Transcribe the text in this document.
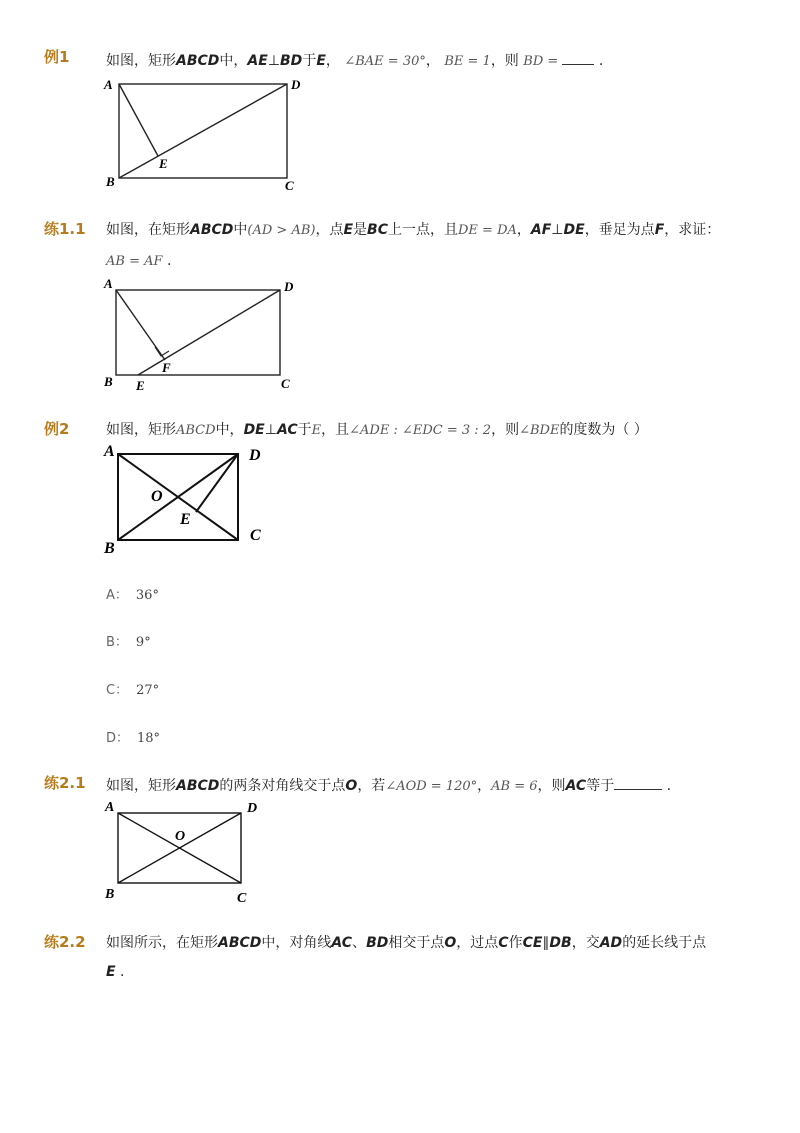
例1	如图，矩形ABCD中，AE⊥BD于E， ∠BAE = 30°， BE = 1，则 BD =  .
A	D
B	C
E
练1.1 如图，在矩形ABCD中(AD > AB)，点E是BC上一点，且DE = DA，AF⊥DE，垂足为点F，求证：
AB = AF .
A	D
B	C
E
F
例2	如图，矩形ABCD中，DE⊥AC于E，且∠ADE : ∠EDC = 3 : 2，则∠BDE的度数为（ ）
A	D
B
C
O
E
A： 36°
B： 9°
C： 27°
D： 18°
练2.1 如图，矩形ABCD的两条对角线交于点O，若∠AOD = 120°，AB = 6，则AC等于	.
A	D
B	C
O
练2.2 如图所示，在矩形ABCD中，对角线AC、BD相交于点O，过点C作CE∥DB，交AD的延长线于点
E .
